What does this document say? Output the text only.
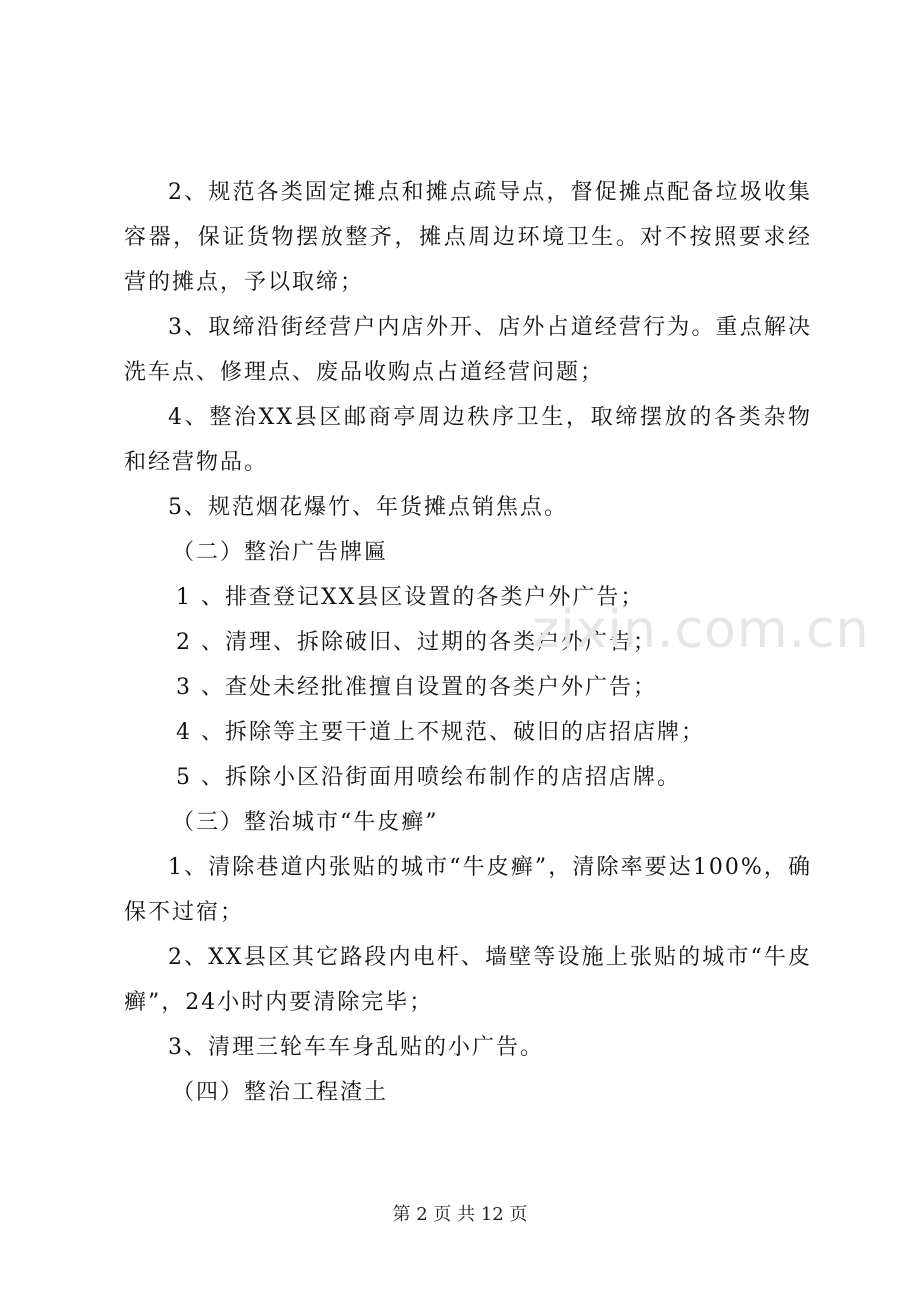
2、规范各类固定摊点和摊点疏导点，督促摊点配备垃圾收集容器，保证货物摆放整齐，摊点周边环境卫生。对不按照要求经营的摊点，予以取缔；

3、取缔沿街经营户内店外开、店外占道经营行为。重点解决洗车点、修理点、废品收购点占道经营问题；

4、整治XX县区邮商亭周边秩序卫生，取缔摆放的各类杂物和经营物品。

5、规范烟花爆竹、年货摊点销焦点。

（二）整治广告牌匾
1 、排查登记XX县区设置的各类户外广告；
2 、清理、拆除破旧、过期的各类户外广告；
3 、查处未经批准擅自设置的各类户外广告；
4 、拆除等主要干道上不规范、破旧的店招店牌；
5 、拆除小区沿街面用喷绘布制作的店招店牌。
（三）整治城市“牛皮癣”

1、清除巷道内张贴的城市“牛皮癣”，清除率要达100%，确保不过宿；

2、XX县区其它路段内电杆、墙壁等设施上张贴的城市“牛皮癣”，24小时内要清除完毕；

3、清理三轮车车身乱贴的小广告。

（四）整治工程渣土
zixin.com.cn
第 2 页 共 12 页
